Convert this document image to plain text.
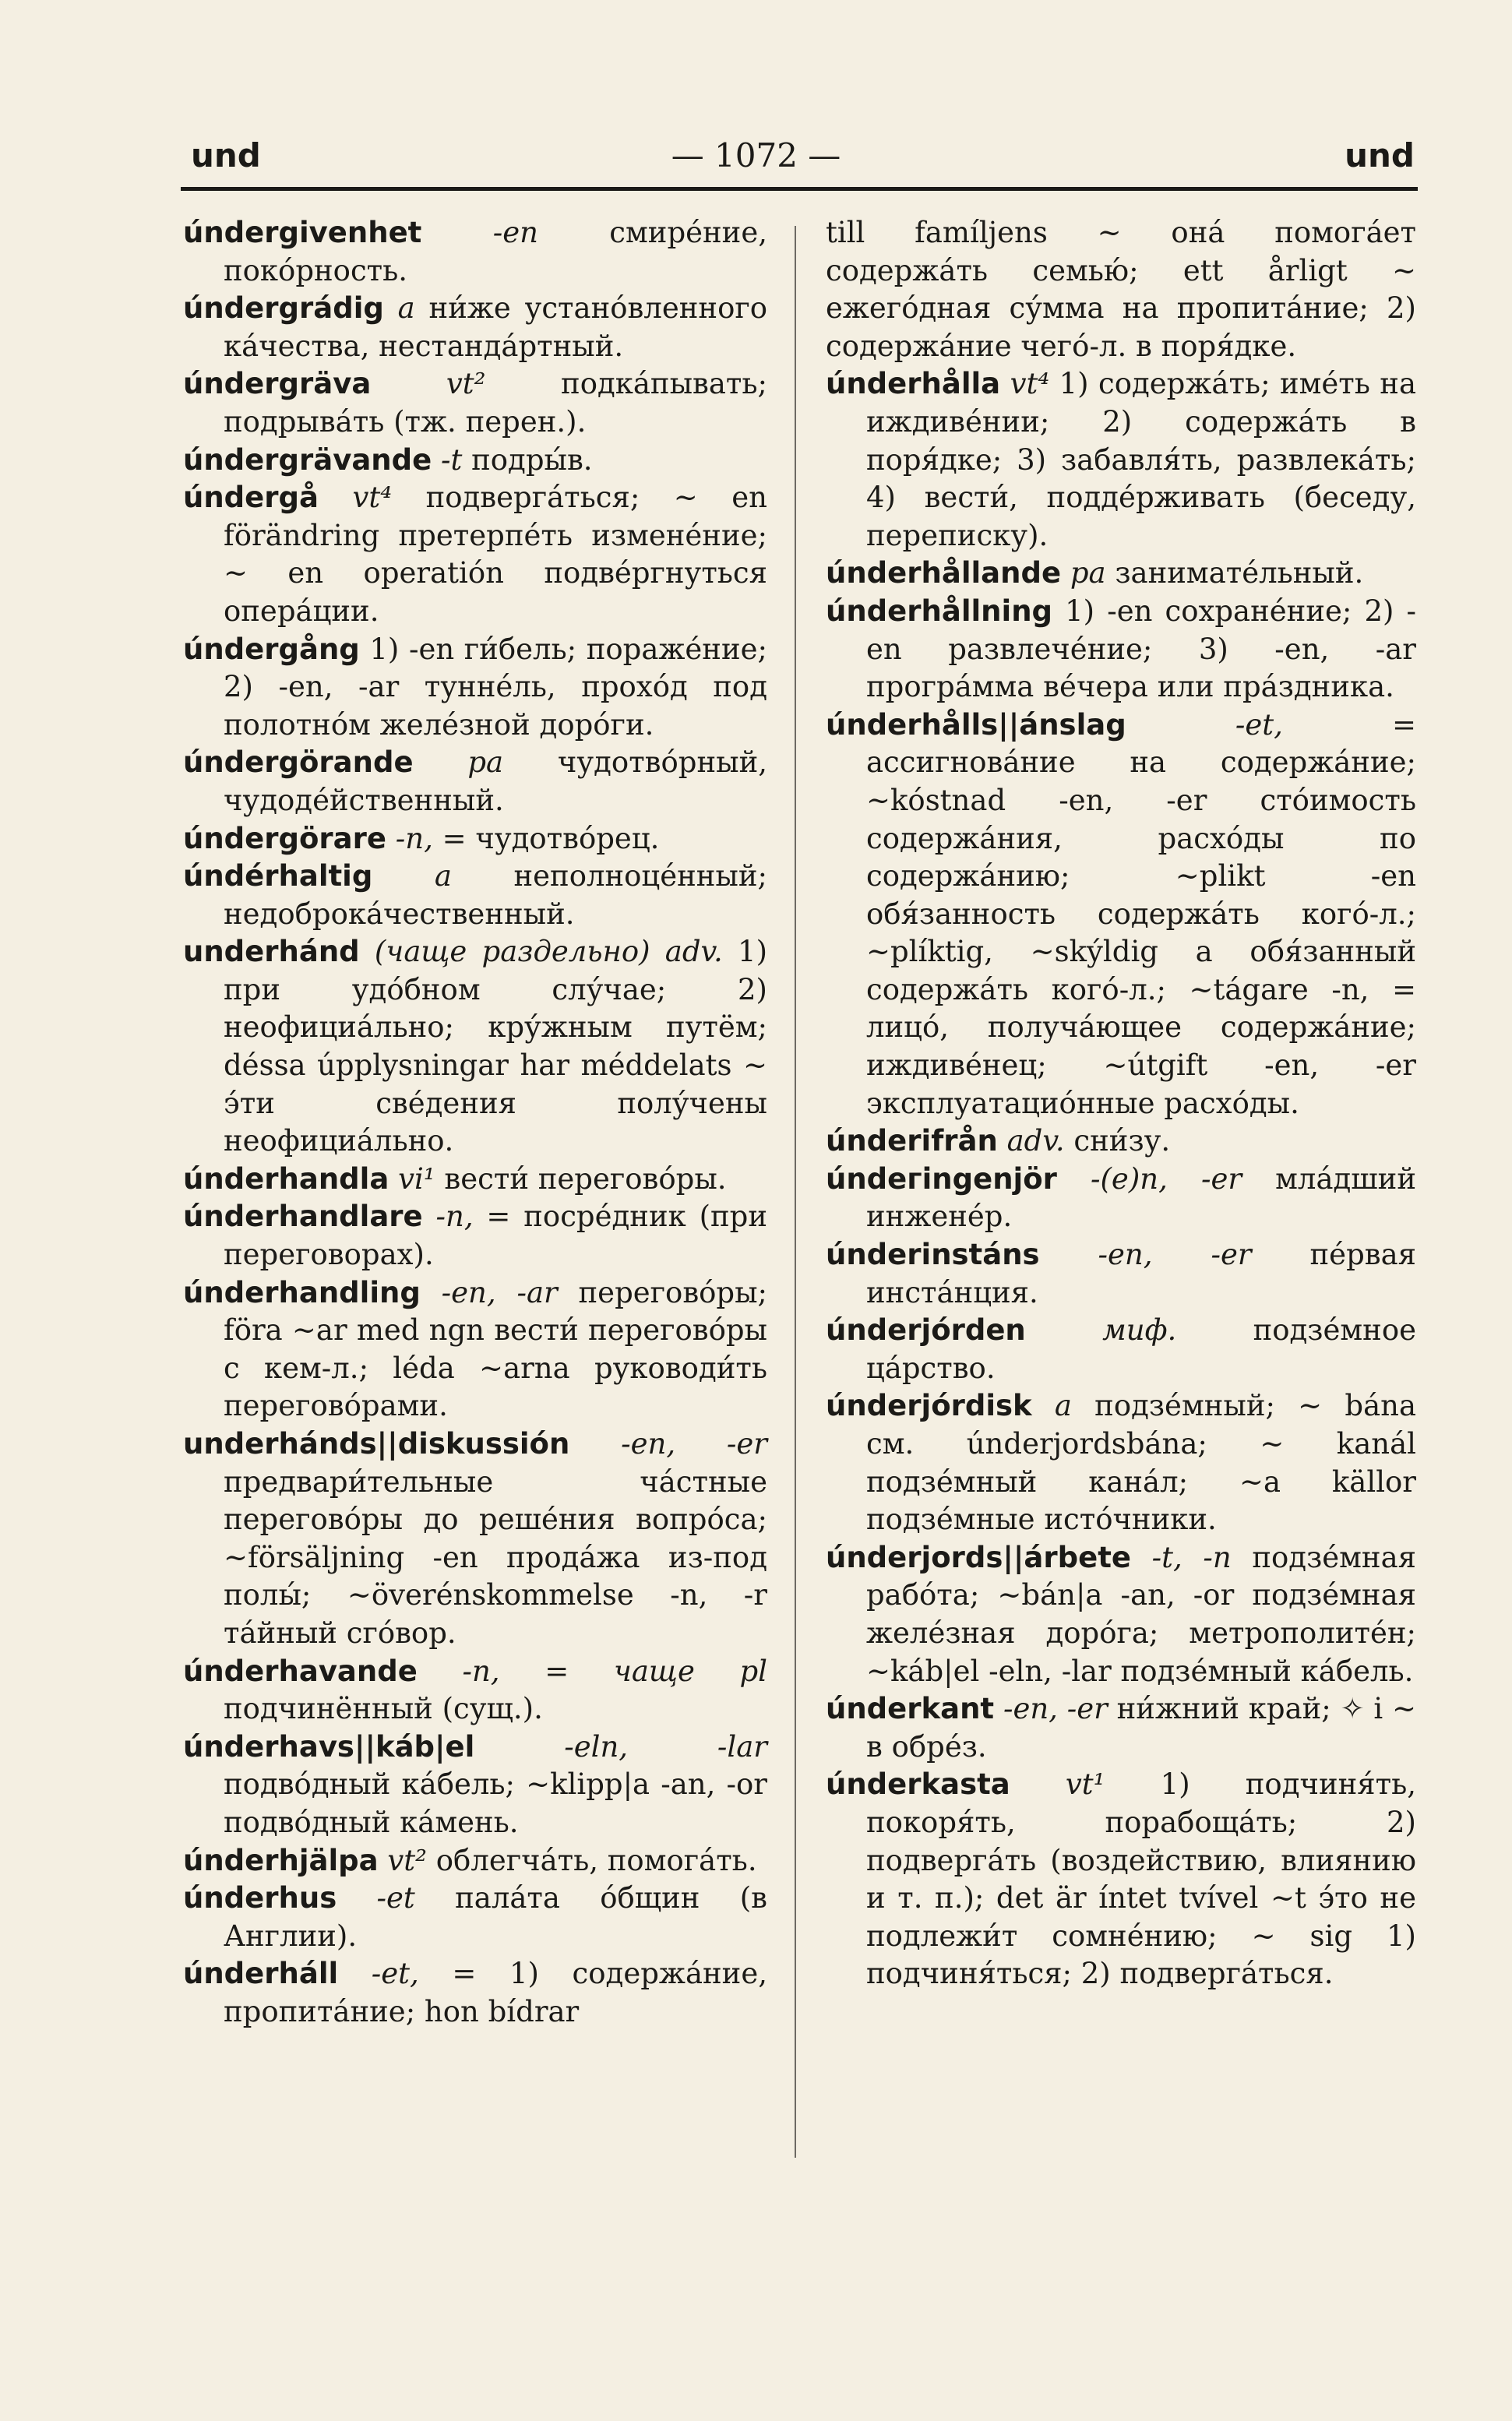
und	— 1072 —	und

úndergivenhet -en смирéние, покóрность.

úndergrádig a ни́же устанóвленного кáчества, нестандáртный.

úndergräva	vt²	подкáпывать; подрывáть (тж. перен.).

úndergrävande -t подры́в.

úndergå vt⁴ подвергáться; ~ en förändring претерпéть изменéние; ~ en operatión подвéргнуться оперáции.

úndergång 1) -en ги́бель; поражéние; 2) -en, -ar туннéль, прохóд под полотнóм желéзной дорóги.

úndergörande pa чудотвóрный, чудодéйственный.

úndergörare -n, = чудотвóрец.

úndérhaltig a неполноцéнный; недоброкáчественный.

underhánd (чаще раздельно) adv. 1) при удóбном слу́чае; 2) неофициáльно; кру́жным путём; déssa úpplysningar har méddelats ~ э́ти свéдения полу́чены неофициáльно.

únderhandla vi¹ вести́ переговóры.

únderhandlare -n, = посрéдник (при переговорах).

únderhandling -en, -ar переговóры; föra ~ar med ngn вести́ переговóры с кем-л.; léda ~arna руководи́ть переговóрами.

underhánds||diskussión -en, -er предвари́тельные чáстные переговóры до решéния вопрóса; ~försäljning -en продáжа из-под полы́; ~överénskommelse -n, -r тáйный сгóвор.

únderhavande -n, = чаще pl подчинённый (сущ.).

únderhavs||káb|el	-eln, -lar подвóдный кáбель; ~klipp|a -an, -or подвóдный кáмень.

únderhjälpa vt² облегчáть, помогáть.

únderhus -et палáта óбщин (в Англии).

únderháll -et, = 1) содержáние, пропитáние; hon bídrar

till famíljens ~ онá помогáет содержáть семью́; ett årligt ~ ежегóдная су́мма на пропитáние; 2) содержáние чегó-л. в поря́дке.

únderhålla vt⁴ 1) содержáть; имéть на иждивéнии; 2) содержáть в поря́дке; 3) забавля́ть, развлекáть; 4) вести́, поддéрживать (беседу, переписку).

únderhållande pa заниматéльный.

únderhållning 1) -en сохранéние; 2) -en развлечéние; 3) -en, -ar прогрáмма вéчера или прáздника.

únderhålls||ánslag	-et, = ассигновáние на содержáние; ~kóstnad -en, -er стóимость содержáния, расхóды по содержáнию; ~plikt -en обя́занность содержáть когó-л.; ~plíktig, ~skýldig a обя́занный содержáть когó-л.; ~tágare -n, = лицó, получáющее содержáние; иждивéнец; ~útgift -en, -er эксплуатациóнные расхóды.

únderifrån adv. сни́зу.

úndeгingenjör -(e)n, -er млáдший инженéр.

únderinstáns -en, -er пéрвая инстáнция.

únderjórden	миф.	подзéмное цáрство.

únderjórdisk a подзéмный; ~ bána см. únderjordsbána; ~ kanál подзéмный канáл; ~a källor подзéмные истóчники.

únderjords||árbete -t, -n подзéмная рабóта; ~bán|a -an, -or подзéмная желéзная дорóга; метрополитéн; ~káb|el -eln, -lar подзéмный кáбель.

únderkant -en, -er ни́жний край; ✧ i ~ в обрéз.

únderkasta vt¹ 1) подчиня́ть, покоря́ть, порабощáть; 2) подвергáть (воздействию, влиянию и т. п.); det är íntet tvível ~t э́то не подлежи́т сомнéнию; ~ sig 1) подчиня́ться; 2) подвергáться.
